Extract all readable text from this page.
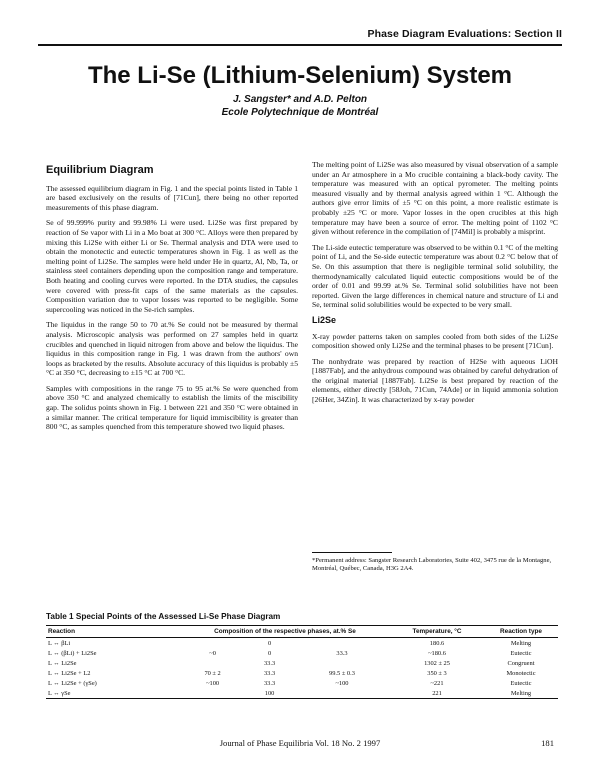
Phase Diagram Evaluations: Section II
The Li-Se (Lithium-Selenium) System
J. Sangster* and A.D. Pelton
Ecole Polytechnique de Montréal
Equilibrium Diagram

The assessed equilibrium diagram in Fig. 1 and the special points listed in Table 1 are based exclusively on the results of [71Cun], there being no other reported measurements of this phase diagram.

Se of 99.999% purity and 99.98% Li were used. Li2Se was first prepared by reaction of Se vapor with Li in a Mo boat at 300 °C. Alloys were then prepared by mixing this Li2Se with either Li or Se. Thermal analysis and DTA were used to obtain the monotectic and eutectic temperatures shown in Fig. 1 as well as the melting point of Li2Se. The samples were held under He in quartz, Al, Nb, Ta, or stainless steel containers depending upon the composition range and temperature. Both heating and cooling curves were reported. In the DTA studies, the capsules were covered with press-fit caps of the same materials as the capsules. Composition variation due to vapor losses was reported to be negligible. Some supercooling was noticed in the Se-rich samples.

The liquidus in the range 50 to 70 at.% Se could not be measured by thermal analysis. Microscopic analysis was performed on 27 samples held in quartz crucibles and quenched in liquid nitrogen from above and below the liquidus. The liquidus in this composition range in Fig. 1 was drawn from the authors' own loops as bracketed by the results. Absolute accuracy of this liquidus is probably ±5 °C at 350 °C, decreasing to ±15 °C at 700 °C.

Samples with compositions in the range 75 to 95 at.% Se were quenched from above 350 °C and analyzed chemically to establish the limits of the miscibility gap. The solidus points shown in Fig. 1 between 221 and 350 °C were obtained in a similar manner. The critical temperature for liquid immiscibility is greater than 800 °C, as samples quenched from this temperature showed two liquid phases.

The melting point of Li2Se was also measured by visual observation of a sample under an Ar atmosphere in a Mo crucible containing a black-body cavity. The temperature was measured with an optical pyrometer. The melting points measured visually and by thermal analysis agreed within 1 °C. Although the authors give error limits of ±5 °C on this point, a more realistic estimate is probably ±25 °C or more. Vapor losses in the open crucibles at this high temperature may have been a source of error. The melting point of 1102 °C given without reference in the compilation of [74Mil] is probably a misprint.

The Li-side eutectic temperature was observed to be within 0.1 °C of the melting point of Li, and the Se-side eutectic temperature was about 0.2 °C below that of Se. On this assumption that there is negligible terminal solid solubility, the thermodynamically calculated liquid eutectic compositions would be of the order of 0.01 and 99.99 at.% Se. Terminal solid solubilities have not been reported. Given the large differences in chemical nature and structure of Li and Se, terminal solid solubilities would be expected to be very small.

Li2Se

X-ray powder patterns taken on samples cooled from both sides of the Li2Se composition showed only Li2Se and the terminal phases to be present [71Cun].

The nonhydrate was prepared by reaction of H2Se with aqueous LiOH [1887Fab], and the anhydrous compound was obtained by careful dehydration of the original material [1887Fab]. Li2Se is best prepared by reaction of the elements, either directly [58Joh, 71Cun, 74Ade] or in liquid ammonia solution [26Her, 34Zin]. It was characterized by x-ray powder

*Permanent address: Sangster Research Laboratories, Suite 402, 3475 rue de la Montagne, Montréal, Québec, Canada, H3G 2A4.
Table 1 Special Points of the Assessed Li-Se Phase Diagram
Reaction	Composition of the respective phases, at.% Se			Temperature, °C	Reaction type
L ↔ βLi		0		180.6	Melting
L ↔ (βLi) + Li2Se	~0	0	33.3	~180.6	Eutectic
L ↔ Li2Se		33.3		1302 ± 25	Congruent
L ↔ Li2Se + L2	70 ± 2	33.3	99.5 ± 0.3	350 ± 3	Monotectic
L ↔ Li2Se + (γSe)	~100	33.3	~100	~221	Eutectic
L ↔ γSe		100		221	Melting
Journal of Phase Equilibria Vol. 18 No. 2 1997	181
